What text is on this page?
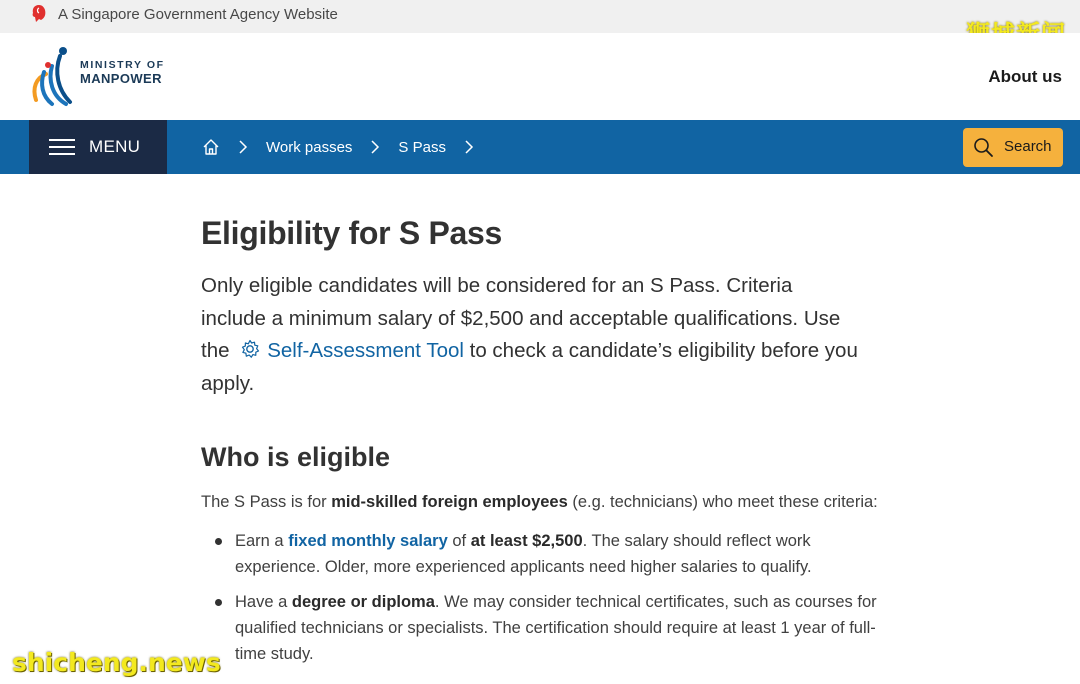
A Singapore Government Agency Website
MINISTRY OF
MANPOWER	About us
MENU	Work passes	S Pass	Search
Eligibility for S Pass

Only eligible candidates will be considered for an S Pass. Criteria include a minimum salary of $2,500 and acceptable qualifications. Use the Self-Assessment Tool to check a candidate’s eligibility before you apply.

Who is eligible

The S Pass is for mid-skilled foreign employees (e.g. technicians) who meet these criteria:

Earn a fixed monthly salary of at least $2,500. The salary should reflect work experience. Older, more experienced applicants need higher salaries to qualify.
Have a degree or diploma. We may consider technical certificates, such as courses for qualified technicians or specialists. The certification should require at least 1 year of full-time study.
shicheng.news
